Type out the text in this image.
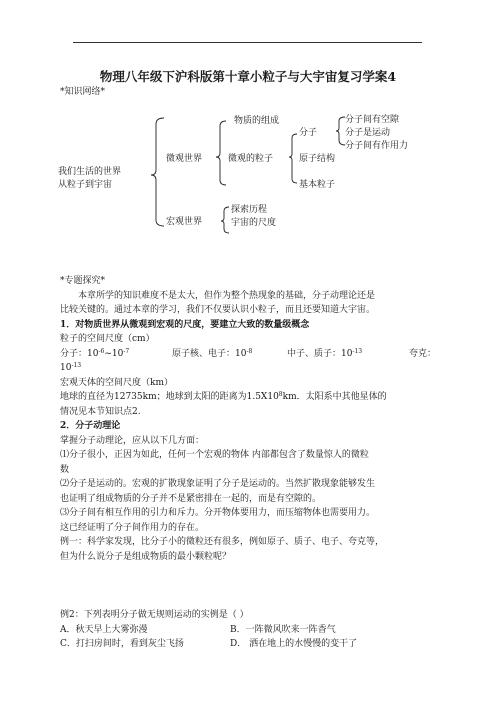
物理八年级下沪科版第十章小粒子与大宇宙复习学案4
*知识网络*
我们生活的世界
从粒子到宇宙
微观世界
宏观世界
物质的组成
微观的粒子
分子
分子间有空隙
分子是运动
分子间有作用力
原子结构
基本粒子
探索历程
宇宙的尺度
*专题探究*
本章所学的知识难度不是太大，但作为整个热现象的基础，分子动理论还是
比较关键的。通过本章的学习，我们不仅要认识小粒子，而且还要知道大宇宙。
1．对物质世界从微观到宏观的尺度，要建立大致的数量级概念
粒子的空间尺度（cm）
分子：$10^{-6}\sim 10^{-7}$	原子核、电子：$10^{-8}$	中子、质子：$10^{-13}$	夸克：
$10^{-13}$
宏观天体的空间尺度（km）
地球的直径为12735km；地球到太阳的距离为$1.5X10^8km$．太阳系中其他星体的
情况见本节知识点2.
2．分子动理论
掌握分子动理论，应从以下几方面：
⑴分子很小，正因为如此，任何一个宏观的物体 内部都包含了数量惊人的微粒
数
⑵分子是运动的。宏观的扩散现象证明了分子是运动的。当然扩散现象能够发生
也证明了组成物质的分子并不是紧密排在一起的，而是有空隙的。
⑶分子间有相互作用的引力和斥力。分开物体要用力，而压缩物体也需要用力。
这已经证明了分子间作用力的存在。
例一：科学家发现，比分子小的微粒还有很多，例如原子、质子、电子、夸克等，
但为什么说分子是组成物质的最小颗粒呢？
例2：下列表明分子做无规则运动的实例是（ ）
A．秋天早上大雾弥漫	B．一阵微风吹来一阵香气
C．打扫房间时，看到灰尘飞扬	D． 洒在地上的水慢慢的变干了
